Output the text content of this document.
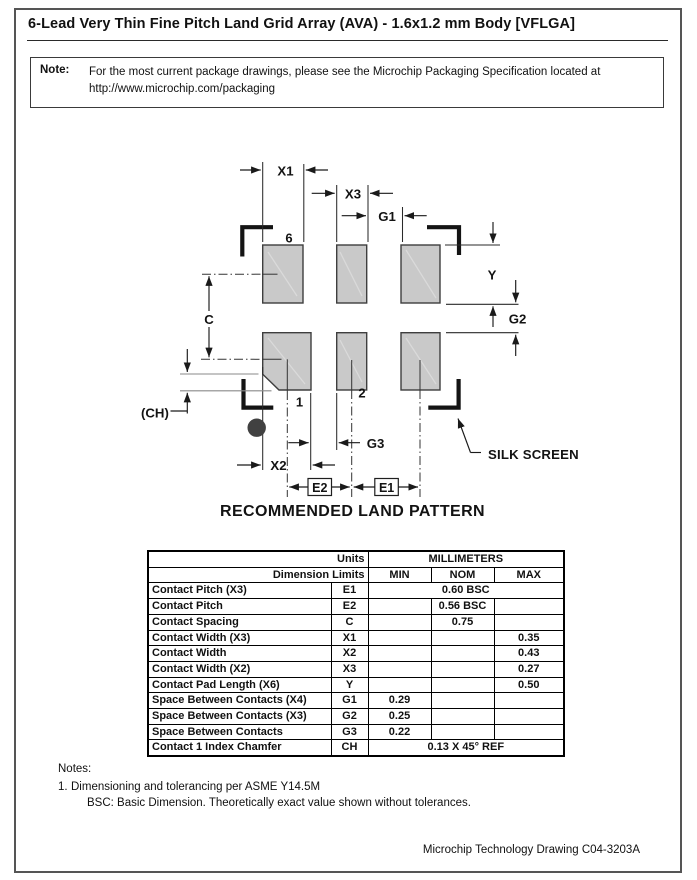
6-Lead Very Thin Fine Pitch Land Grid Array (AVA) - 1.6x1.2 mm Body [VFLGA]
Note: For the most current package drawings, please see the Microchip Packaging Specification located at
http://www.microchip.com/packaging
X1
X3
G1
Y
G2
C
(CH)
X2
G3
E2	E1
6
1
2
SILK SCREEN
RECOMMENDED LAND PATTERN
Units		MILLIMETERS		
Dimension Limits		MIN	NOM	MAX
Contact Pitch (X3)	E1	0.60 BSC		
Contact Pitch	E2		0.56 BSC	
Contact Spacing	C		0.75	
Contact Width (X3)	X1			0.35
Contact Width	X2			0.43
Contact Width (X2)	X3			0.27
Contact Pad Length (X6)	Y			0.50
Space Between Contacts (X4)	G1	0.29		
Space Between Contacts (X3)	G2	0.25		
Space Between Contacts	G3	0.22		
Contact 1 Index Chamfer	CH	0.13 X 45° REF		
Notes:
1. Dimensioning and tolerancing per ASME Y14.5M
BSC: Basic Dimension. Theoretically exact value shown without tolerances.
Microchip Technology Drawing C04-3203A
